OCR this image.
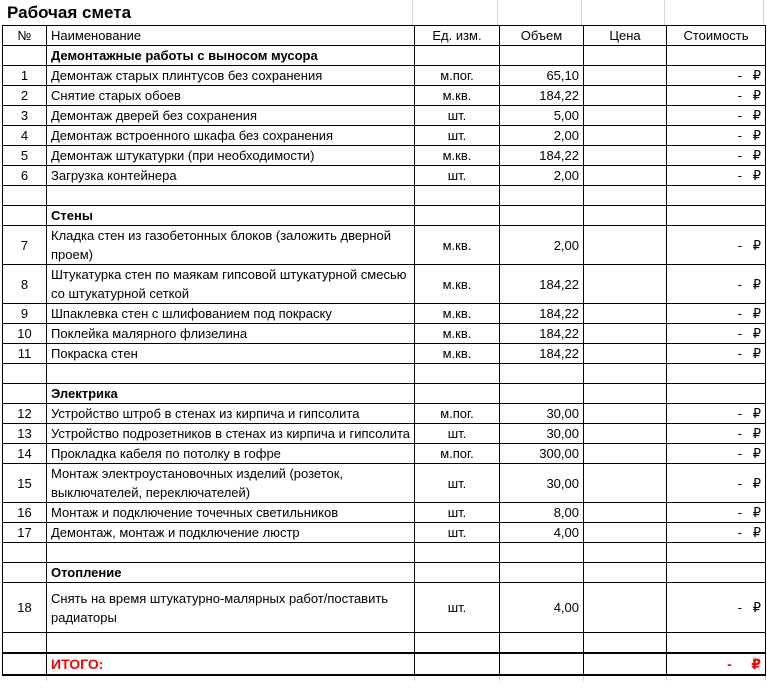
Рабочая смета
№	Наименование	Ед. изм.	Объем	Цена	Стоимость
	Демонтажные работы с выносом мусора				
1	Демонтаж старых плинтусов без сохранения	м.пог.	65,10		-   ₽
2	Снятие старых обоев	м.кв.	184,22		-   ₽
3	Демонтаж дверей без сохранения	шт.	5,00		-   ₽
4	Демонтаж встроенного шкафа без сохранения	шт.	2,00		-   ₽
5	Демонтаж штукатурки (при необходимости)	м.кв.	184,22		-   ₽
6	Загрузка контейнера	шт.	2,00		-   ₽

	Стены				
7	Кладка стен из газобетонных блоков (заложить дверной проем)	м.кв.	2,00		-   ₽
8	Штукатурка стен по маякам гипсовой штукатурной смесью со штукатурной сеткой	м.кв.	184,22		-   ₽
9	Шпаклевка стен с шлифованием под покраску	м.кв.	184,22		-   ₽
10	Поклейка малярного флизелина	м.кв.	184,22		-   ₽
11	Покраска стен	м.кв.	184,22		-   ₽

	Электрика				
12	Устройство штроб в стенах из кирпича и гипсолита	м.пог.	30,00		-   ₽
13	Устройство подрозетников в стенах из кирпича и гипсолита	шт.	30,00		-   ₽
14	Прокладка кабеля по потолку в гофре	м.пог.	300,00		-   ₽
15	Монтаж электроустановочных изделий (розеток, выключателей, переключателей)	шт.	30,00		-   ₽
16	Монтаж и подключение точечных светильников	шт.	8,00		-   ₽
17	Демонтаж, монтаж и подключение люстр	шт.	4,00		-   ₽

	Отопление				
18	Снять на время штукатурно-малярных работ/поставить радиаторы	шт.	4,00		-   ₽

	ИТОГО:				-     ₽
